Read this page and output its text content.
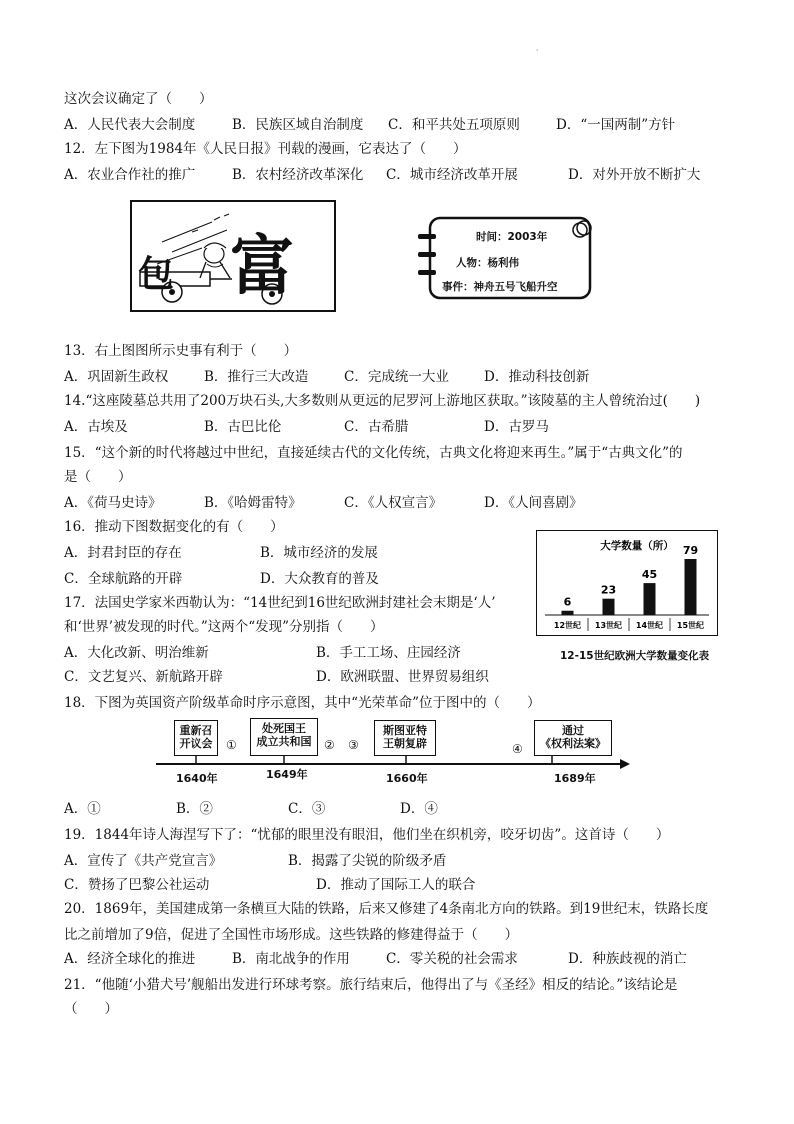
'
这次会议确定了（　　）
A．人民代表大会制度	B．民族区域自治制度 C．和平共处五项原则	D．“一国两制”方针
12．左下图为1984年《人民日报》刊载的漫画，它表达了（　　）
A．农业合作社的推广	B．农村经济改革深化 C．城市经济改革开展	D．对外开放不断扩大
包 富	时间：2003年
人物：杨利伟
事件：神舟五号飞船升空
13．右上图图所示史事有利于（　　）
A．巩固新生政权	B．推行三大改造	C．完成统一大业	D．推动科技创新
14.“这座陵墓总共用了200万块石头,大多数则从更远的尼罗河上游地区获取。”该陵墓的主人曾统治过(　　)
A．古埃及	B．古巴比伦	C．古希腊	D．古罗马
15．“这个新的时代将越过中世纪，直接延续古代的文化传统，古典文化将迎来再生。”属于“古典文化”的
是（　　）
A．《荷马史诗》	B．《哈姆雷特》	C．《人权宣言》	D．《人间喜剧》
16．推动下图数据变化的有（　　）
A．封君封臣的存在	B．城市经济的发展
C．全球航路的开辟	D．大众教育的普及
大学数量（所）
6
12世纪
23
13世纪
45
14世纪
79
15世纪
12-15世纪欧洲大学数量变化表
17．法国史学家米西勒认为：“14世纪到16世纪欧洲封建社会末期是‘人’
和‘世界’被发现的时代。”这两个“发现”分别指（　　）
A．大化改新、明治维新	B．手工工场、庄园经济
C．文艺复兴、新航路开辟	D．欧洲联盟、世界贸易组织
18．下图为英国资产阶级革命时序示意图，其中“光荣革命”位于图中的（　　）
重新召
开议会
处死国王
成立共和国
斯图亚特
王朝复辟
通过
《权利法案》
①	② ③	④
1640年	1649年	1660年	1689年
A．①	B．②	C．③	D．④
19．1844年诗人海涅写下了：“忧郁的眼里没有眼泪，他们坐在织机旁，咬牙切齿”。这首诗（　　）
A．宣传了《共产党宣言》	B．揭露了尖锐的阶级矛盾
C．赞扬了巴黎公社运动	D．推动了国际工人的联合
20．1869年，美国建成第一条横亘大陆的铁路，后来又修建了4条南北方向的铁路。到19世纪末，铁路长度
比之前增加了9倍，促进了全国性市场形成。这些铁路的修建得益于（　　）
A．经济全球化的推进	B．南北战争的作用	C．零关税的社会需求	D．种族歧视的消亡
21．“他随‘小猎犬号’舰船出发进行环球考察。旅行结束后，他得出了与《圣经》相反的结论。”该结论是
（　　）
